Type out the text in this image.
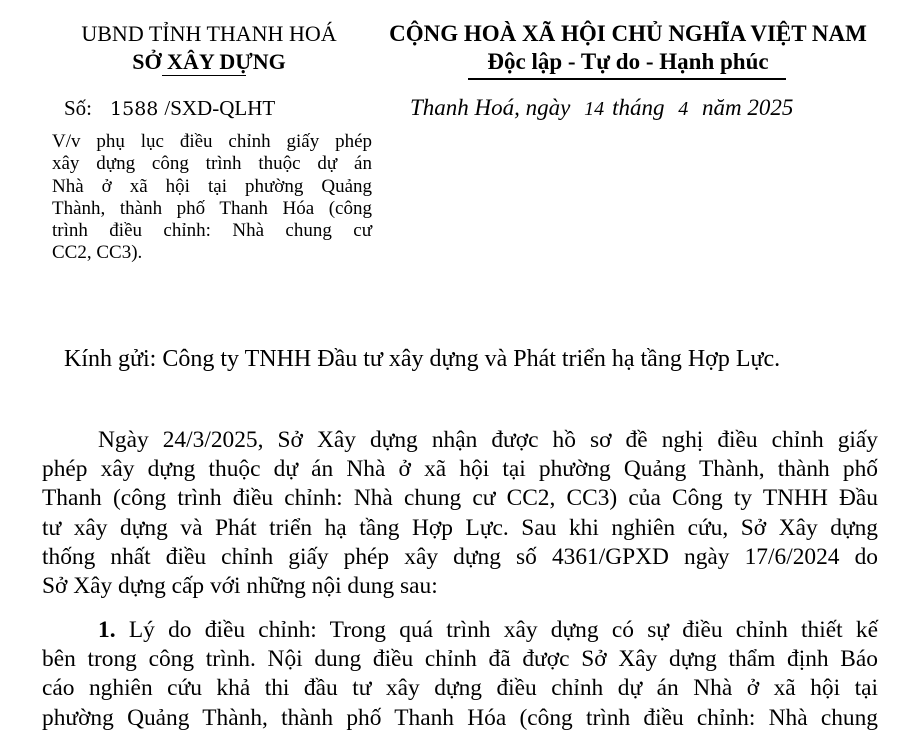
UBND TỈNH THANH HOÁ
SỞ XÂY DỰNG
CỘNG HOÀ XÃ HỘI CHỦ NGHĨA VIỆT NAM
Độc lập - Tự do - Hạnh phúc
Số: 1588 /SXD-QLHT	Thanh Hoá, ngày 14 tháng 4 năm 2025
V/v phụ lục điều chỉnh giấy phép
xây dựng công trình thuộc dự án
Nhà ở xã hội tại phường Quảng
Thành, thành phố Thanh Hóa (công
trình điều chỉnh: Nhà chung cư
CC2, CC3).
Kính gửi: Công ty TNHH Đầu tư xây dựng và Phát triển hạ tầng Hợp Lực.
Ngày 24/3/2025, Sở Xây dựng nhận được hồ sơ đề nghị điều chỉnh giấy
phép xây dựng thuộc dự án Nhà ở xã hội tại phường Quảng Thành, thành phố
Thanh (công trình điều chỉnh: Nhà chung cư CC2, CC3) của Công ty TNHH Đầu
tư xây dựng và Phát triển hạ tầng Hợp Lực. Sau khi nghiên cứu, Sở Xây dựng
thống nhất điều chỉnh giấy phép xây dựng số 4361/GPXD ngày 17/6/2024 do
Sở Xây dựng cấp với những nội dung sau:
1. Lý do điều chỉnh: Trong quá trình xây dựng có sự điều chỉnh thiết kế
bên trong công trình. Nội dung điều chỉnh đã được Sở Xây dựng thẩm định Báo
cáo nghiên cứu khả thi đầu tư xây dựng điều chỉnh dự án Nhà ở xã hội tại
phường Quảng Thành, thành phố Thanh Hóa (công trình điều chỉnh: Nhà chung
